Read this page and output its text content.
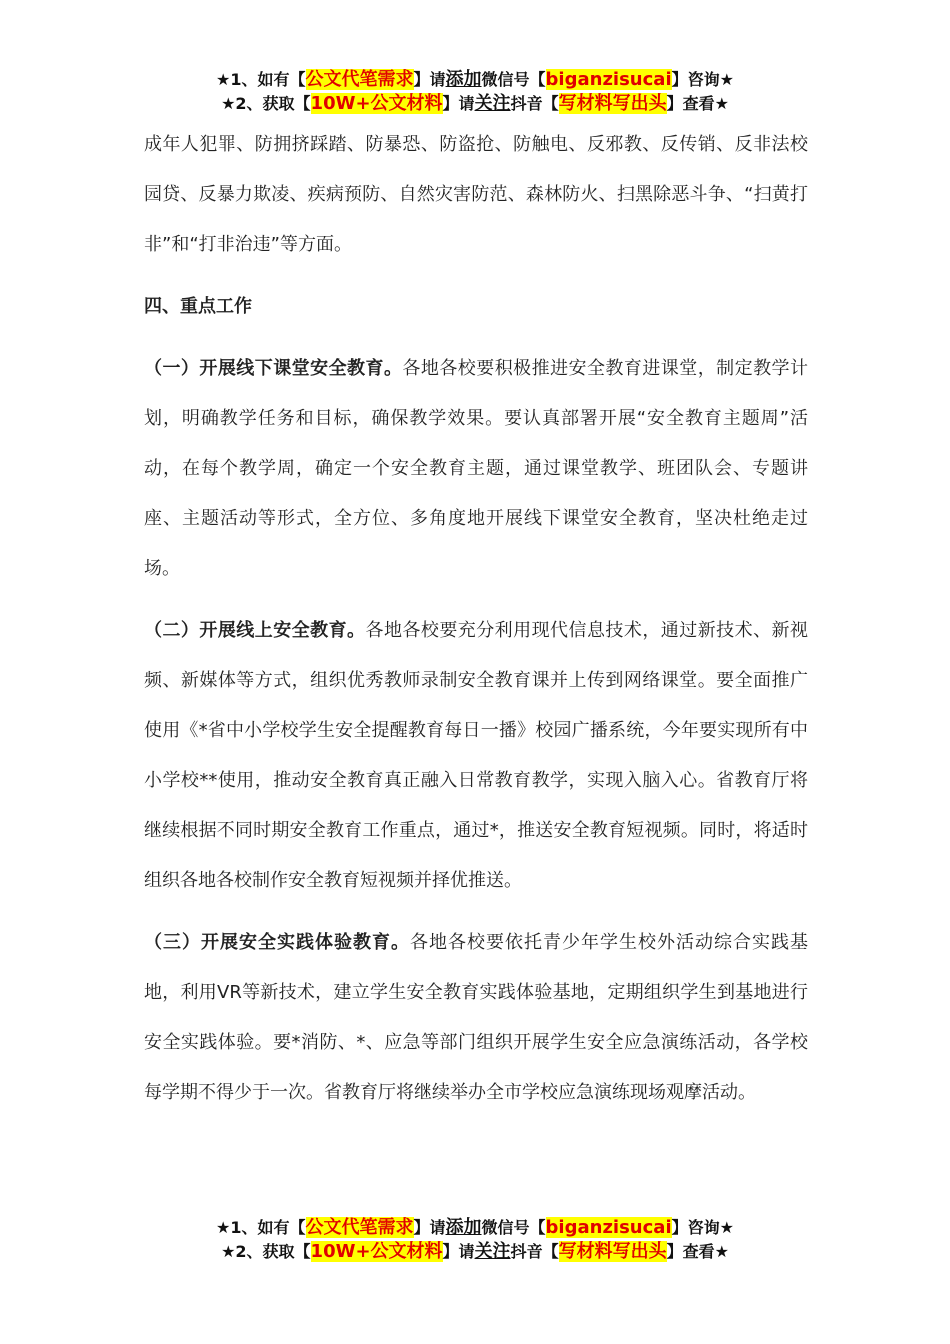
★1、如有【公文代笔需求】请添加微信号【biganzisucai】咨询★
★2、获取【10W+公文材料】请关注抖音【写材料写出头】查看★

成年人犯罪、防拥挤踩踏、防暴恐、防盗抢、防触电、反邪教、反传销、反非法校园贷、反暴力欺凌、疾病预防、自然灾害防范、森林防火、扫黑除恶斗争、“扫黄打非”和“打非治违”等方面。

四、重点工作

（一）开展线下课堂安全教育。各地各校要积极推进安全教育进课堂，制定教学计划，明确教学任务和目标，确保教学效果。要认真部署开展“安全教育主题周”活动，在每个教学周，确定一个安全教育主题，通过课堂教学、班团队会、专题讲座、主题活动等形式，全方位、多角度地开展线下课堂安全教育，坚决杜绝走过场。

（二）开展线上安全教育。各地各校要充分利用现代信息技术，通过新技术、新视频、新媒体等方式，组织优秀教师录制安全教育课并上传到网络课堂。要全面推广使用《*省中小学校学生安全提醒教育每日一播》校园广播系统，今年要实现所有中小学校**使用，推动安全教育真正融入日常教育教学，实现入脑入心。省教育厅将继续根据不同时期安全教育工作重点，通过*，推送安全教育短视频。同时，将适时组织各地各校制作安全教育短视频并择优推送。

（三）开展安全实践体验教育。各地各校要依托青少年学生校外活动综合实践基地，利用VR等新技术，建立学生安全教育实践体验基地，定期组织学生到基地进行安全实践体验。要*消防、*、应急等部门组织开展学生安全应急演练活动，各学校每学期不得少于一次。省教育厅将继续举办全市学校应急演练现场观摩活动。

★1、如有【公文代笔需求】请添加微信号【biganzisucai】咨询★
★2、获取【10W+公文材料】请关注抖音【写材料写出头】查看★
